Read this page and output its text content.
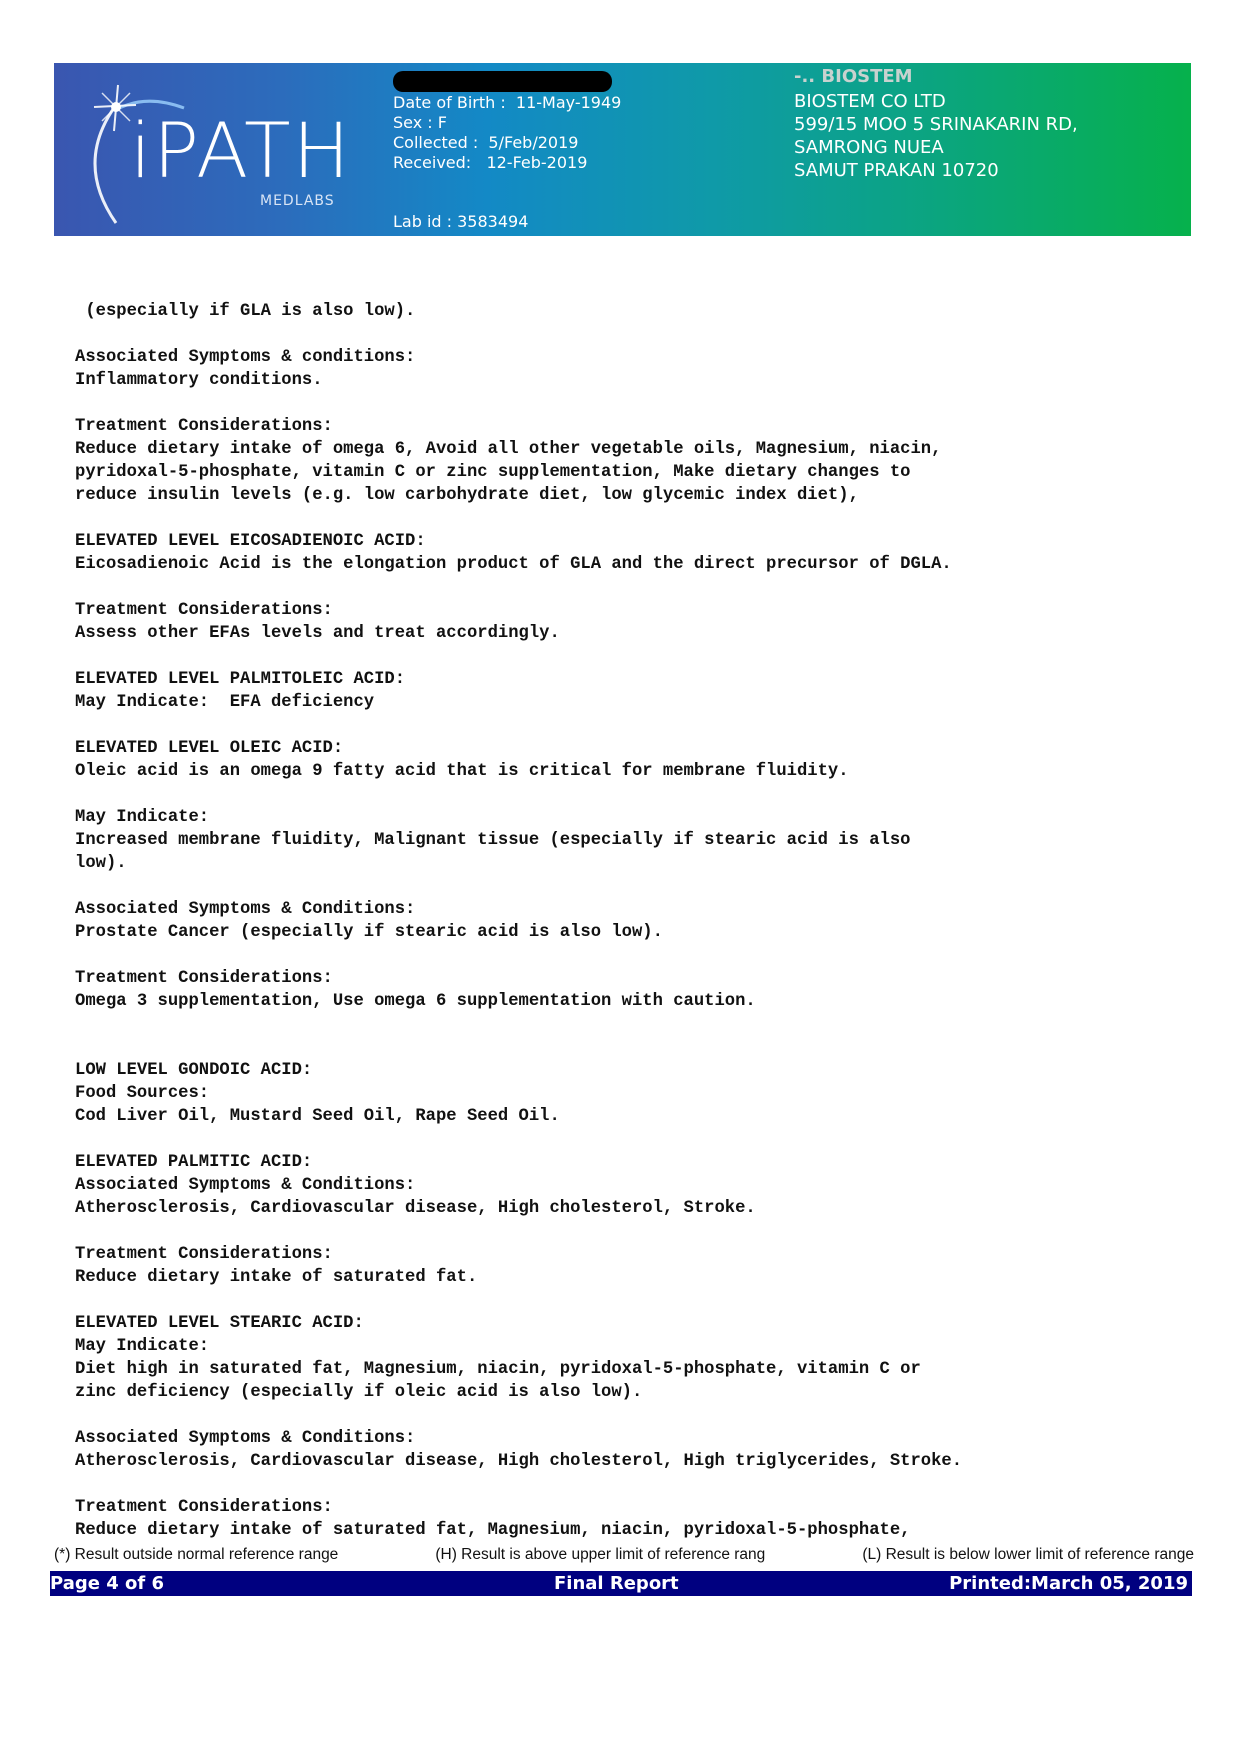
iPATH
MEDLABS
Date of Birth :  11-May-1949
Sex : F
Collected :  5/Feb/2019
Received:   12-Feb-2019
Lab id : 3583494
-.. BIOSTEM
BIOSTEM CO LTD
599/15 MOO 5 SRINAKARIN RD,
SAMRONG NUEA
SAMUT PRAKAN 10720
(especially if GLA is also low).
Associated Symptoms & conditions:
Inflammatory conditions.
Treatment Considerations:
Reduce dietary intake of omega 6, Avoid all other vegetable oils, Magnesium, niacin,
pyridoxal-5-phosphate, vitamin C or zinc supplementation, Make dietary changes to
reduce insulin levels (e.g. low carbohydrate diet, low glycemic index diet),
ELEVATED LEVEL EICOSADIENOIC ACID:
Eicosadienoic Acid is the elongation product of GLA and the direct precursor of DGLA.
Treatment Considerations:
Assess other EFAs levels and treat accordingly.
ELEVATED LEVEL PALMITOLEIC ACID:
May Indicate:  EFA deficiency
ELEVATED LEVEL OLEIC ACID:
Oleic acid is an omega 9 fatty acid that is critical for membrane fluidity.
May Indicate:
Increased membrane fluidity, Malignant tissue (especially if stearic acid is also
low).
Associated Symptoms & Conditions:
Prostate Cancer (especially if stearic acid is also low).
Treatment Considerations:
Omega 3 supplementation, Use omega 6 supplementation with caution.
LOW LEVEL GONDOIC ACID:
Food Sources:
Cod Liver Oil, Mustard Seed Oil, Rape Seed Oil.
ELEVATED PALMITIC ACID:
Associated Symptoms & Conditions:
Atherosclerosis, Cardiovascular disease, High cholesterol, Stroke.
Treatment Considerations:
Reduce dietary intake of saturated fat.
ELEVATED LEVEL STEARIC ACID:
May Indicate:
Diet high in saturated fat, Magnesium, niacin, pyridoxal-5-phosphate, vitamin C or
zinc deficiency (especially if oleic acid is also low).
Associated Symptoms & Conditions:
Atherosclerosis, Cardiovascular disease, High cholesterol, High triglycerides, Stroke.
Treatment Considerations:
Reduce dietary intake of saturated fat, Magnesium, niacin, pyridoxal-5-phosphate,
(*) Result outside normal reference range	(H) Result is above upper limit of reference rang	(L) Result is below lower limit of reference range
Page 4 of 6	Final Report	Printed:March 05, 2019
